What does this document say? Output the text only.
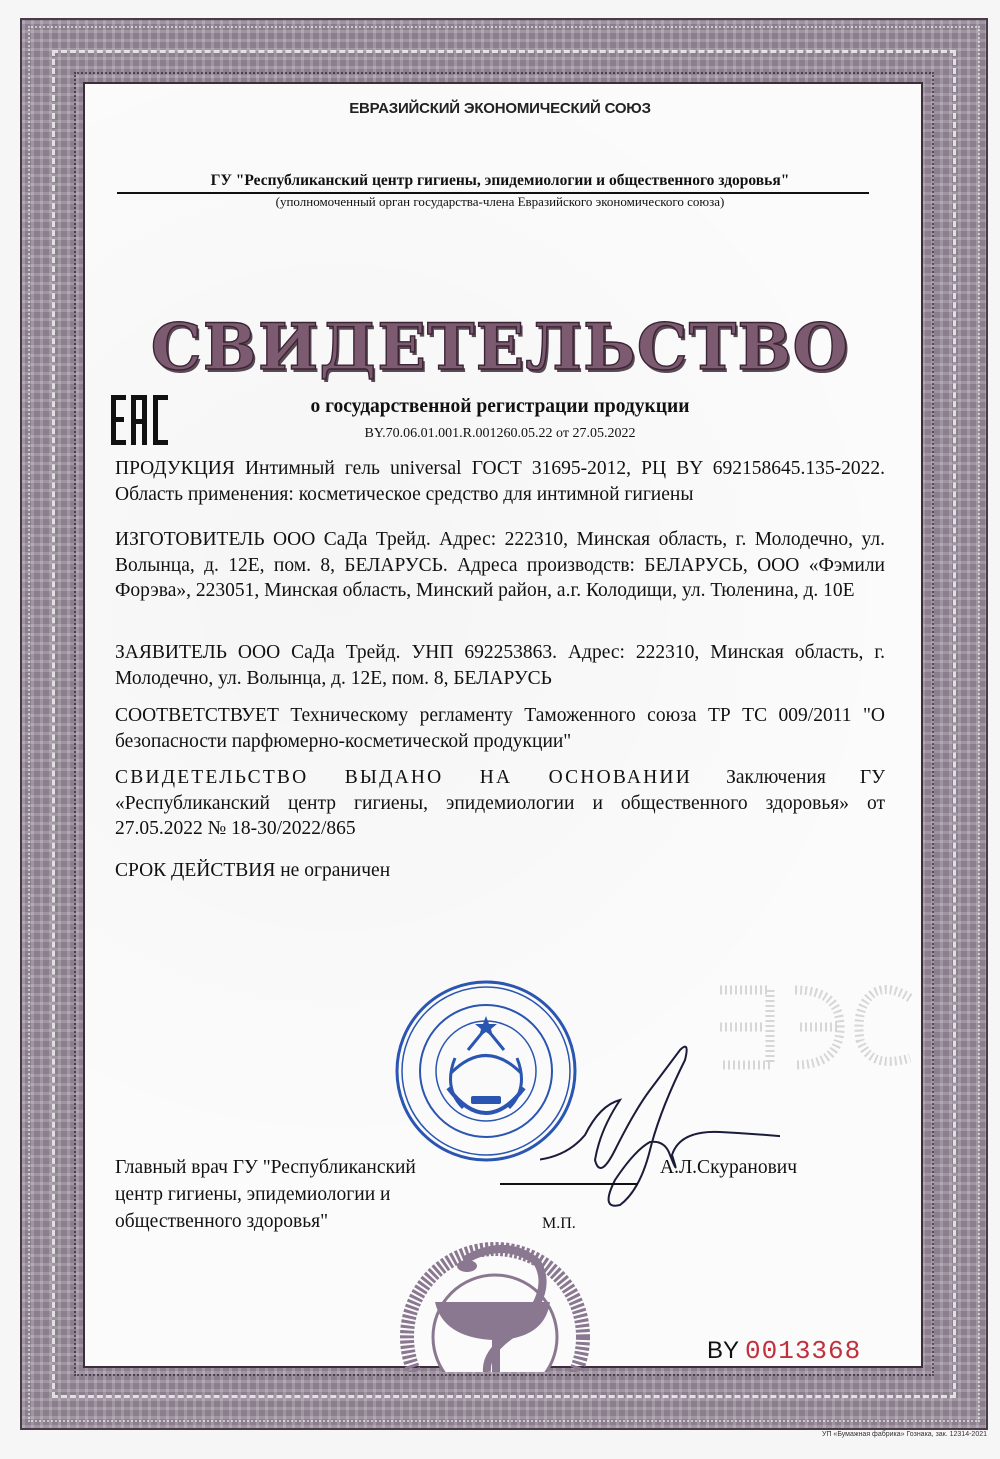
ЕВРАЗИЙСКИЙ ЭКОНОМИЧЕСКИЙ СОЮЗ
ГУ "Республиканский центр гигиены, эпидемиологии и общественного здоровья"
(уполномоченный орган государства-члена Евразийского экономического союза)
СВИДЕТЕЛЬСТВО
о государственной регистрации продукции
BY.70.06.01.001.R.001260.05.22 от 27.05.2022
ПРОДУКЦИЯ Интимный гель universal ГОСТ 31695-2012, РЦ BY 692158645.135-2022. Область применения: косметическое средство для интимной гигиены
ИЗГОТОВИТЕЛЬ ООО СаДа Трейд. Адрес: 222310, Минская область, г. Молодечно, ул. Волынца, д. 12Е, пом. 8, БЕЛАРУСЬ. Адреса производств: БЕЛАРУСЬ, ООО «Фэмили Форэва», 223051, Минская область, Минский район, а.г. Колодищи, ул. Тюленина, д. 10Е
ЗАЯВИТЕЛЬ ООО СаДа Трейд. УНП 692253863. Адрес: 222310, Минская область, г. Молодечно, ул. Волынца, д. 12Е, пом. 8, БЕЛАРУСЬ
СООТВЕТСТВУЕТ Техническому регламенту Таможенного союза ТР ТС 009/2011 "О безопасности парфюмерно-косметической продукции"
СВИДЕТЕЛЬСТВО ВЫДАНО НА ОСНОВАНИИ Заключения ГУ «Республиканский центр гигиены, эпидемиологии и общественного здоровья» от 27.05.2022 № 18-30/2022/865
СРОК ДЕЙСТВИЯ не ограничен
Главный врач ГУ "Республиканский
центр гигиены, эпидемиологии и
общественного здоровья"
А.Л.Скуранович
М.П.
BY 0013368
УП «Бумажная фабрика» Гознака, зак. 12314-2021
